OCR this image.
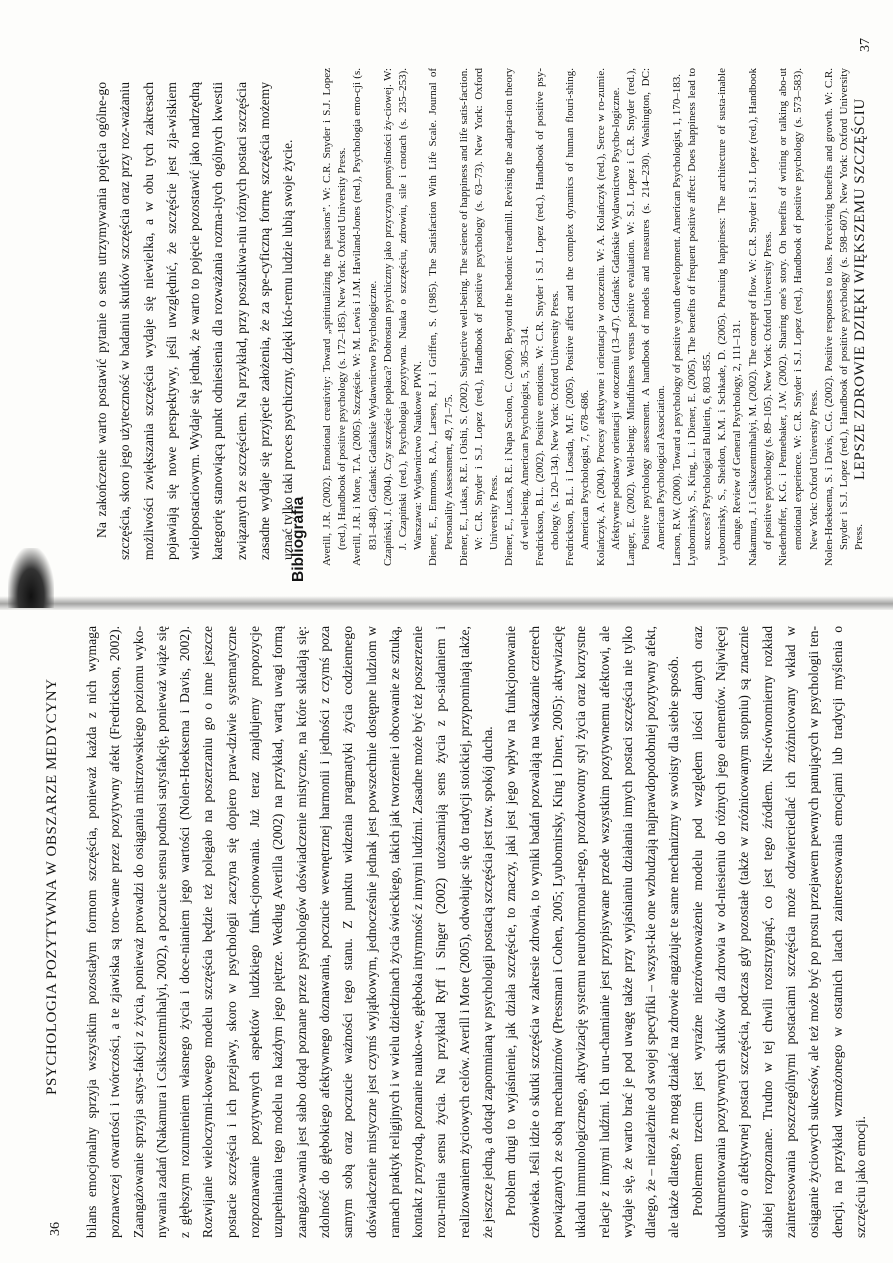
36
PSYCHOLOGIA POZYTYWNA W OBSZARZE MEDYCYNY bilans emocjonalny sprzyja wszystkim pozostałym formom szczęścia, ponieważ każda z nich wymaga poznawczej otwartości i twórczości, a te zjawiska są toro-wane przez pozytywny afekt (Fredrickson, 2002). Zaangażowanie sprzyja satys-fakcji z życia, ponieważ prowadzi do osiągania mistrzowskiego poziomu wyko-nywania zadań (Nakamura i Csikszentmihalyi, 2002), a poczucie sensu podnosi satysfakcję, ponieważ wiąże się z głębszym rozumieniem własnego życia i doce-nianiem jego wartości (Nolen-Hoeksema i Davis, 2002). Rozwijanie wieloczynni-kowego modelu szczęścia będzie też polegało na poszerzaniu go o inne jeszcze postacie szczęścia i ich przejawy, skoro w psychologii zaczyna się dopiero praw-dziwie systematyczne rozpoznawanie pozytywnych aspektów ludzkiego funk-cjonowania. Już teraz znajdujemy propozycje uzupełniania tego modelu na każdym jego piętrze. Według Averilla (2002) na przykład, wartą uwagi formą zaangażo-wania jest słabo dotąd poznane przez psychologów doświadczenie mistyczne, na które składają się: zdolność do głębokiego afektywnego doznawania, poczucie wewnętrznej harmonii i jedności z czymś poza samym sobą oraz poczucie ważności tego stanu. Z punktu widzenia pragmatyki życia codziennego doświadczenie mistyczne jest czymś wyjątkowym, jednocześnie jednak jest powszechnie dostępne ludziom w ramach praktyk religijnych i w wielu dziedzinach życia świeckiego, takich jak tworzenie i obcowanie ze sztuką, kontakt z przyrodą, poznanie nauko-we, głęboka intymność z innymi ludźmi. Zasadne może być też poszerzenie rozu-mienia sensu życia. Na przykład Ryff i Singer (2002) utożsamiają sens życia z po-siadaniem i realizowaniem życiowych celów. Averill i More (2005), odwołując się do tradycji stoickiej, przypominają także, że jeszcze jedną, a dotąd zapomnianą w psychologii postacią szczęścia jest tzw. spokój ducha. Problem drugi to wyjaśnienie, jak działa szczęście, to znaczy, jaki jest jego wpływ na funkcjonowanie człowieka. Jeśli idzie o skutki szczęścia w zakresie zdrowia, to wyniki badań pozwalają na wskazanie czterech powiązanych ze sobą mechanizmów (Pressman i Cohen, 2005; Lyubomirsky, King i Diner, 2005): aktywizację układu immunologicznego, aktywizację systemu neurohormonal-nego, prozdrowotny styl życia oraz korzystne relacje z innymi ludźmi. Ich uru-chamianie jest przypisywane przede wszystkim pozytywnemu afektowi, ale wydaje się, że warto brać je pod uwagę także przy wyjaśnianiu działania innych postaci szczęścia nie tylko dlatego, że – niezależnie od swojej specyfiki – wszyst-kie one wzbudzają najprawdopodobniej pozytywny afekt, ale także dlatego, że mogą działać na zdrowie angażując te same mechanizmy w swoisty dla siebie sposób. Problemem trzecim jest wyraźne niezrównoważenie modelu pod względem ilości danych oraz udokumentowania pozytywnych skutków dla zdrowia w od-niesieniu do różnych jego elementów. Najwięcej wiemy o afektywnej postaci szczęścia, podczas gdy pozostałe (także w zróżnicowanym stopniu) są znacznie słabiej rozpoznane. Trudno w tej chwili rozstrzygnąć, co jest tego źródłem. Nie-równomierny rozkład zainteresowania poszczególnymi postaciami szczęścia może odzwierciedlać ich zróżnicowany wkład w osiąganie życiowych sukcesów, ale też może być po prostu przejawem pewnych panujących w psychologii ten-dencji, na przykład wzmożonego w ostatnich latach zainteresowania emocjami lub tradycji myślenia o szczęściu jako emocji.

37
LEPSZE ZDROWIE DZIĘKI WIĘKSZEMU SZCZĘŚCIU

Na zakończenie warto postawić pytanie o sens utrzymywania pojęcia ogólne-go szczęścia, skoro jego użyteczność w badaniu skutków szczęścia oraz przy roz-ważaniu możliwości zwiększania szczęścia wydaje się niewielka, a w obu tych zakresach pojawiają się nowe perspektywy, jeśli uwzględnić, że szczęście jest zja-wiskiem wielopostaciowym. Wydaje się jednak, że warto to pojęcie pozostawić jako nadrzędną kategorię stanowiącą punkt odniesienia dla rozważania rozma-itych ogólnych kwestii związanych ze szczęściem. Na przykład, przy poszukiwa-niu różnych postaci szczęścia zasadne wydaje się przyjęcie założenia, że za spe-cyficzną formę szczęścia możemy uznać tylko taki proces psychiczny, dzięki któ-remu ludzie lubią swoje życie.

Bibliografia Averill, J.R. (2002). Emotional creativity: Toward „spiritualizing the passions”. W: C.R. Snyder i S.J. Lopez (red.), Handbook of positive psychology (s. 172–185). New York: Oxford University Press. Averill, J.R. i More, T.A. (2005). Szczęście. W: M. Lewis i J.M. Haviland-Jones (red.), Psychologia emo-cji (s. 831–848). Gdańsk: Gdańskie Wydawnictwo Psychologiczne. Czapiński, J. (2004). Czy szczęście popłaca? Dobrostan psychiczny jako przyczyna pomyślności ży-ciowej. W: J. Czapiński (red.), Psychologia pozytywna. Nauka o szczęściu, zdrowiu, sile i cnotach (s. 235–253). Warszawa: Wydawnictwo Naukowe PWN. Diener, E., Emmons, R.A., Larsen, R.J. i Griffen, S. (1985). The Satisfaction With Life Scale. Journal of Personality Assessment, 49, 71–75. Diener, E., Lukas, R.E. i Oishi, S. (2002). Subjective well-being. The science of happiness and life satis-faction. W: C.R. Snyder i S.J. Lopez (red.), Handbook of positive psychology (s. 63–73). New York: Oxford University Press. Diener, E., Lucas, R.E. i Napa Scolon, C. (2006). Beyond the hedonic treadmill. Revising the adapta-tion theory of well-being. American Psychologist, 5, 305–314. Fredrickson, B.L. (2002). Positive emotions. W: C.R. Snyder i S.J. Lopez (red.), Handbook of positive psy-chology (s. 120–134). New York: Oxford University Press. Fredrickson, B.L. i Losada, M.F. (2005). Positive affect and the complex dynamics of human flouri-shing. American Psychologist, 7, 678–686. Kolańczyk, A. (2004). Procesy afektywne i orientacja w otoczeniu. W: A. Kolańczyk (red.), Serce w ro-zumie. Afektywne podstawy orientacji w otoczeniu (13–47). Gdańsk: Gdańskie Wydawnictwo Psycho-logiczne. Langer, E. (2002). Well-being: Mindfulness versus positive evaluation. W: S.J. Lopez i C.R. Snyder (red.), Positive psychology assessment. A handbook of models and measures (s. 214–230). Washington, DC: American Psychological Association. Larson, R.W. (2000). Toward a psychology of positive youth development. American Psychologist, 1, 170–183. Lyubomirsky, S., King, L. i Diener, E. (2005). The benefits of frequent positive affect: Does happiness lead to success? Psychological Bulletin, 6, 803–855. Lyubomirsky, S., Sheldon, K.M. i Schkade, D. (2005). Pursuing happiness: The architecture of susta-inable change. Review of General Psychology, 2, 111–131. Nakamura, J. i Csikszentmihalyi, M. (2002). The concept of flow. W: C.R. Snyder i S.J. Lopez (red.), Handbook of positive psychology (s. 89–105). New York: Oxford University Press. Niederhoffer, K.G. i Pennebaker, J.W. (2002). Sharing one's story. On benefits of writing or talking abo-ut emotional experience. W: C.R. Snyder i S.J. Lopez (red.), Handbook of positive psychology (s. 573–583). New York: Oxford University Press. Nolen-Hoeksema, S. i Davis, C.G. (2002). Positive responses to loss. Perceiving benefits and growth. W: C.R. Snyder i S.J. Lopez (red.), Handbook of positive psychology (s. 598–607). New York: Oxford University Press.
